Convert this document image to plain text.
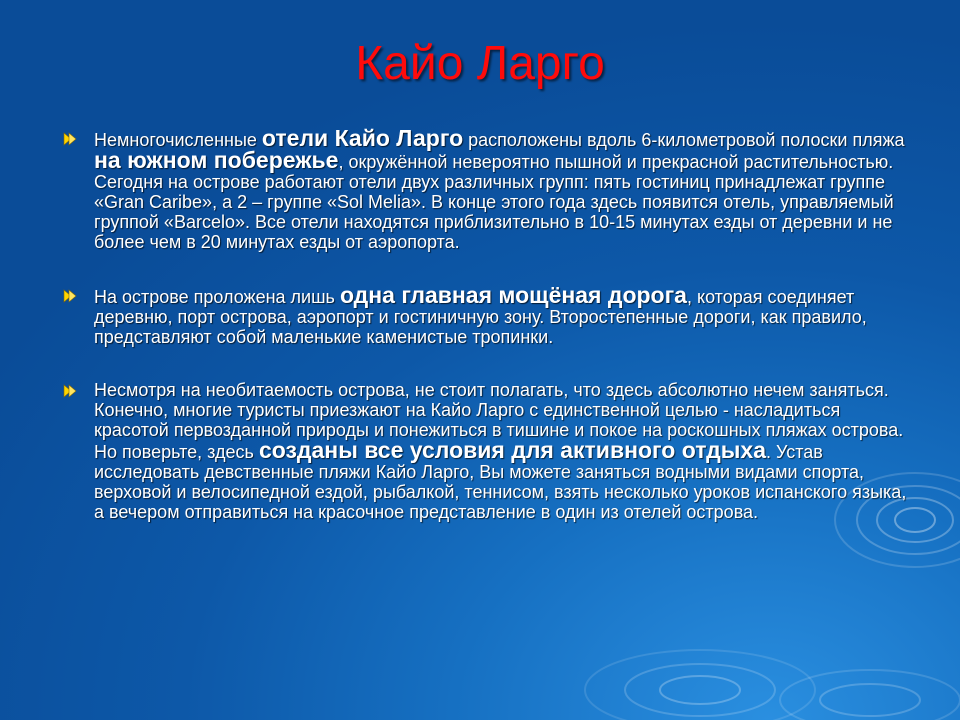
Кайо Ларго
Немногочисленные отели Кайо Ларго расположены вдоль 6-километровой полоски пляжа на южном побережье, окружённой невероятно пышной и прекрасной растительностью. Сегодня на острове работают отели двух различных групп: пять гостиниц принадлежат группе «Gran Caribe», а 2 – группе «Sol Melia». В конце этого года здесь появится отель, управляемый группой «Barcelo». Все отели находятся приблизительно в 10-15 минутах езды от деревни и не более чем в 20 минутах езды от аэропорта.
На острове проложена лишь одна главная мощёная дорога, которая соединяет деревню, порт острова, аэропорт и гостиничную зону. Второстепенные дороги, как правило, представляют собой маленькие каменистые тропинки.
Несмотря на необитаемость острова, не стоит полагать, что здесь абсолютно нечем заняться. Конечно, многие туристы приезжают на Кайо Ларго с единственной целью - насладиться красотой первозданной природы и понежиться в тишине и покое на роскошных пляжах острова. Но поверьте, здесь созданы все условия для активного отдыха. Устав исследовать девственные пляжи Кайо Ларго, Вы можете заняться водными видами спорта, верховой и велосипедной ездой, рыбалкой, теннисом, взять несколько уроков испанского языка, а вечером отправиться на красочное представление в один из отелей острова.
